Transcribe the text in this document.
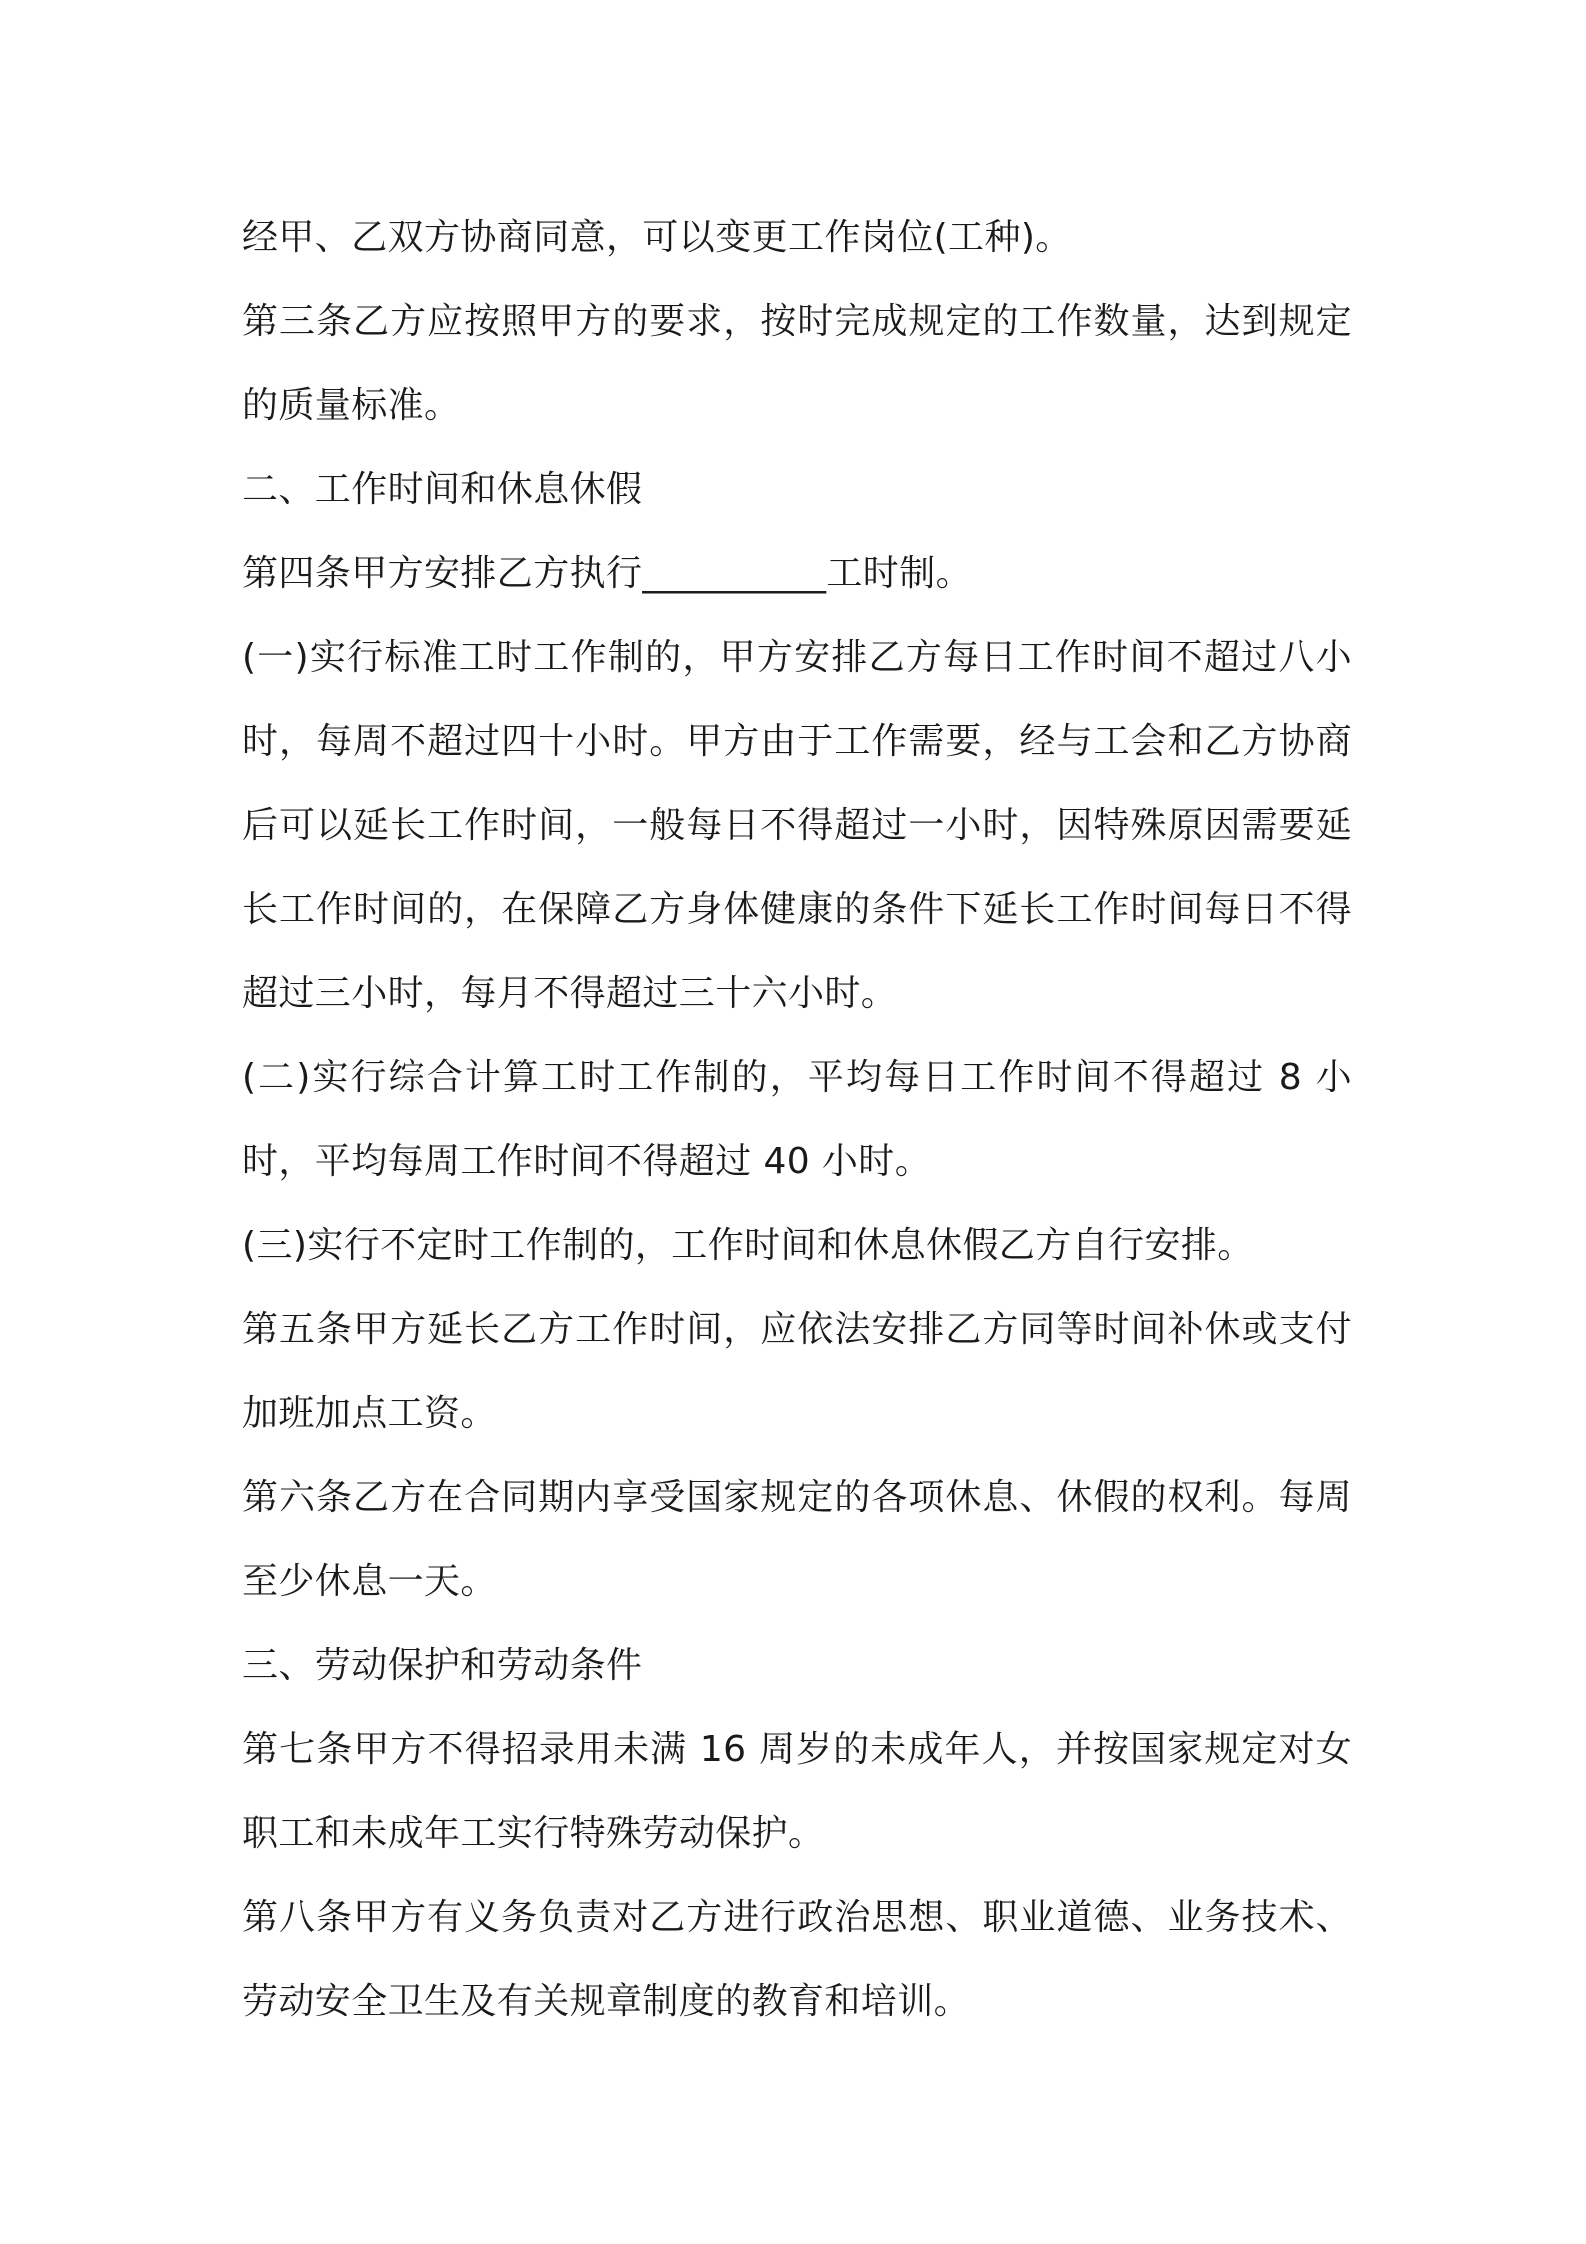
经甲、乙双方协商同意，可以变更工作岗位(工种)。

第三条乙方应按照甲方的要求，按时完成规定的工作数量，达到规定的质量标准。

二、工作时间和休息休假

第四条甲方安排乙方执行__________工时制。

(一)实行标准工时工作制的，甲方安排乙方每日工作时间不超过八小时，每周不超过四十小时。甲方由于工作需要，经与工会和乙方协商后可以延长工作时间，一般每日不得超过一小时，因特殊原因需要延长工作时间的，在保障乙方身体健康的条件下延长工作时间每日不得超过三小时，每月不得超过三十六小时。

(二)实行综合计算工时工作制的，平均每日工作时间不得超过 8 小时，平均每周工作时间不得超过 40 小时。

(三)实行不定时工作制的，工作时间和休息休假乙方自行安排。

第五条甲方延长乙方工作时间，应依法安排乙方同等时间补休或支付加班加点工资。

第六条乙方在合同期内享受国家规定的各项休息、休假的权利。每周至少休息一天。

三、劳动保护和劳动条件

第七条甲方不得招录用未满 16 周岁的未成年人，并按国家规定对女职工和未成年工实行特殊劳动保护。

第八条甲方有义务负责对乙方进行政治思想、职业道德、业务技术、劳动安全卫生及有关规章制度的教育和培训。
